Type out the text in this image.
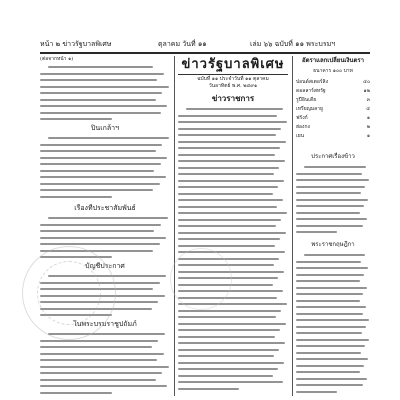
หน้า ๒ ข่าวรัฐบาลพิเศษ	ตุลาคม วันที่ ๑๑	เล่ม ๖๖ ฉบับที่ ๑๑ พระบรมฯ
(ต่อจากหน้า ๑)
ปิ่นเกล้าฯ
เรื่องที่ประชาสัมพันธ์
บัญชีประกาศ
ในพระบรมราชูปถัมภ์
ข่าวรัฐบาลพิเศษ
ฉบับที่ ๑๑ ประจำวันที่ ๑๑ ตุลาคม
วันอาทิตย์ พ.ศ. ๒๔๙๑
ข่าวราชการ
อัตราแลกเปลี่ยนเงินตรา
ธนาคาร ๑๐๐ บาท
ปอนด์สเตอร์ลิง	๔๐
ดอลลาร์สหรัฐ	๑๒
รูปีอินเดีย	๓
เหรียญมลายู	๔
ฟรังก์	๑
ฮ่องกง	๒
เยน	๑
ประกาศเรื่องข้าว
พระราชกฤษฎีกา
